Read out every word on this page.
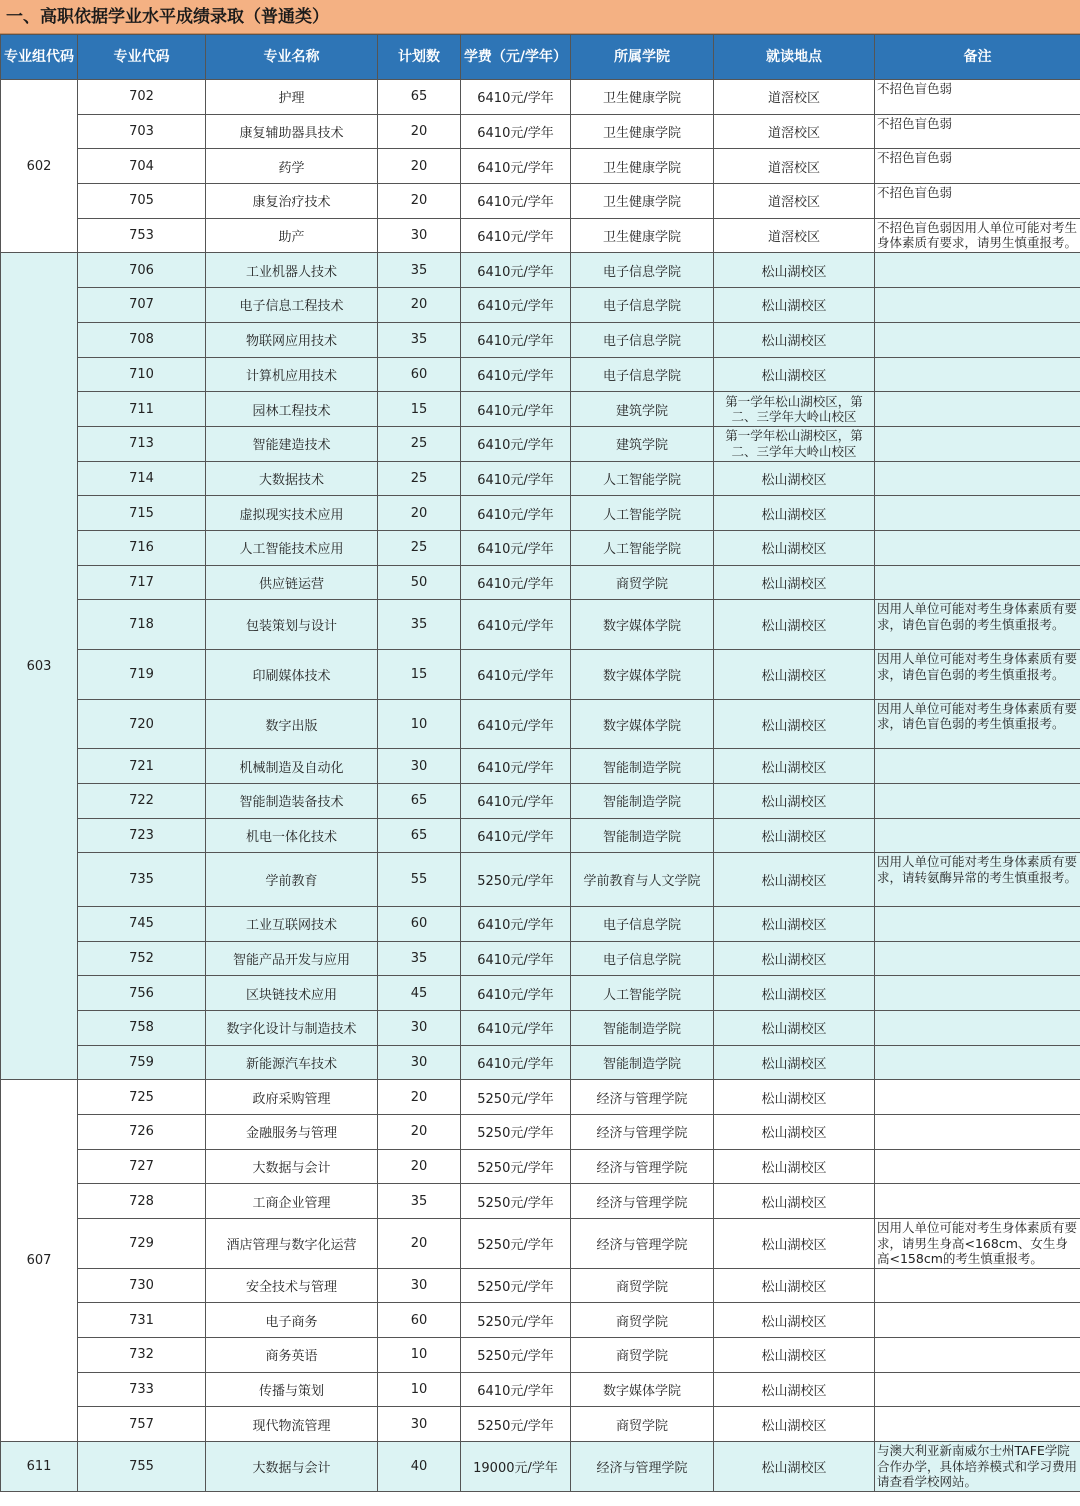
一、高职依据学业水平成绩录取（普通类）
专业组代码	专业代码	专业名称	计划数	学费（元/学年）	所属学院	就读地点	备注
602	702	护理	65	6410元/学年	卫生健康学院	道滘校区	不招色盲色弱
	703	康复辅助器具技术	20	6410元/学年	卫生健康学院	道滘校区	不招色盲色弱
	704	药学	20	6410元/学年	卫生健康学院	道滘校区	不招色盲色弱
	705	康复治疗技术	20	6410元/学年	卫生健康学院	道滘校区	不招色盲色弱
	753	助产	30	6410元/学年	卫生健康学院	道滘校区	不招色盲色弱因用人单位可能对考生身体素质有要求，请男生慎重报考。
603	706	工业机器人技术	35	6410元/学年	电子信息学院	松山湖校区	
	707	电子信息工程技术	20	6410元/学年	电子信息学院	松山湖校区	
	708	物联网应用技术	35	6410元/学年	电子信息学院	松山湖校区	
	710	计算机应用技术	60	6410元/学年	电子信息学院	松山湖校区	
	711	园林工程技术	15	6410元/学年	建筑学院	第一学年松山湖校区，第二、三学年大岭山校区	
	713	智能建造技术	25	6410元/学年	建筑学院	第一学年松山湖校区，第二、三学年大岭山校区	
	714	大数据技术	25	6410元/学年	人工智能学院	松山湖校区	
	715	虚拟现实技术应用	20	6410元/学年	人工智能学院	松山湖校区	
	716	人工智能技术应用	25	6410元/学年	人工智能学院	松山湖校区	
	717	供应链运营	50	6410元/学年	商贸学院	松山湖校区	
	718	包装策划与设计	35	6410元/学年	数字媒体学院	松山湖校区	因用人单位可能对考生身体素质有要求，请色盲色弱的考生慎重报考。
	719	印刷媒体技术	15	6410元/学年	数字媒体学院	松山湖校区	因用人单位可能对考生身体素质有要求，请色盲色弱的考生慎重报考。
	720	数字出版	10	6410元/学年	数字媒体学院	松山湖校区	因用人单位可能对考生身体素质有要求，请色盲色弱的考生慎重报考。
	721	机械制造及自动化	30	6410元/学年	智能制造学院	松山湖校区	
	722	智能制造装备技术	65	6410元/学年	智能制造学院	松山湖校区	
	723	机电一体化技术	65	6410元/学年	智能制造学院	松山湖校区	
	735	学前教育	55	5250元/学年	学前教育与人文学院	松山湖校区	因用人单位可能对考生身体素质有要求，请转氨酶异常的考生慎重报考。
	745	工业互联网技术	60	6410元/学年	电子信息学院	松山湖校区	
	752	智能产品开发与应用	35	6410元/学年	电子信息学院	松山湖校区	
	756	区块链技术应用	45	6410元/学年	人工智能学院	松山湖校区	
	758	数字化设计与制造技术	30	6410元/学年	智能制造学院	松山湖校区	
	759	新能源汽车技术	30	6410元/学年	智能制造学院	松山湖校区	
607	725	政府采购管理	20	5250元/学年	经济与管理学院	松山湖校区	
	726	金融服务与管理	20	5250元/学年	经济与管理学院	松山湖校区	
	727	大数据与会计	20	5250元/学年	经济与管理学院	松山湖校区	
	728	工商企业管理	35	5250元/学年	经济与管理学院	松山湖校区	
	729	酒店管理与数字化运营	20	5250元/学年	经济与管理学院	松山湖校区	因用人单位可能对考生身体素质有要求，请男生身高<168cm、女生身高<158cm的考生慎重报考。
	730	安全技术与管理	30	5250元/学年	商贸学院	松山湖校区	
	731	电子商务	60	5250元/学年	商贸学院	松山湖校区	
	732	商务英语	10	5250元/学年	商贸学院	松山湖校区	
	733	传播与策划	10	6410元/学年	数字媒体学院	松山湖校区	
	757	现代物流管理	30	5250元/学年	商贸学院	松山湖校区	
611	755	大数据与会计	40	19000元/学年	经济与管理学院	松山湖校区	与澳大利亚新南威尔士州TAFE学院合作办学，具体培养模式和学习费用请查看学校网站。
